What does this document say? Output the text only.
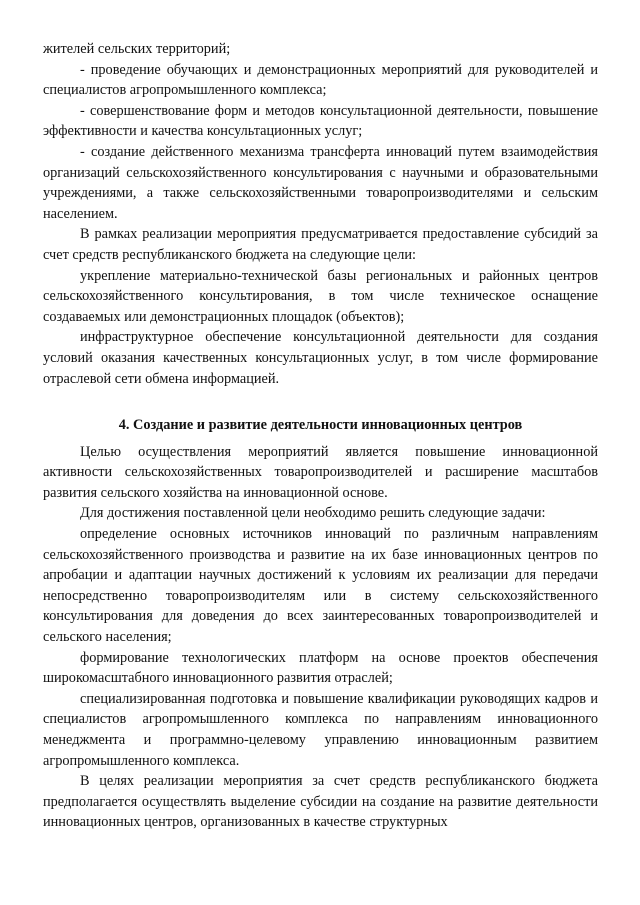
жителей сельских территорий;

- проведение обучающих и демонстрационных мероприятий для руководителей и специалистов агропромышленного комплекса;

- совершенствование форм и методов консультационной деятельности, повышение эффективности и качества консультационных услуг;

- создание действенного механизма трансферта инноваций путем взаимодействия организаций сельскохозяйственного консультирования с научными и образовательными учреждениями, а также сельскохозяйственными товаропроизводителями и сельским населением.

В рамках реализации мероприятия предусматривается предоставление субсидий за счет средств республиканского бюджета на следующие цели:

укрепление материально-технической базы региональных и районных центров сельскохозяйственного консультирования, в том числе техническое оснащение создаваемых или демонстрационных площадок (объектов);

инфраструктурное обеспечение консультационной деятельности для создания условий оказания качественных консультационных услуг, в том числе формирование отраслевой сети обмена информацией.

4. Создание и развитие деятельности инновационных центров

Целью осуществления мероприятий является повышение инновационной активности сельскохозяйственных товаропроизводителей и расширение масштабов развития сельского хозяйства на инновационной основе.

Для достижения поставленной цели необходимо решить следующие задачи:

определение основных источников инноваций по различным направлениям сельскохозяйственного производства и развитие на их базе инновационных центров по апробации и адаптации научных достижений к условиям их реализации для передачи непосредственно товаропроизводителям или в систему сельскохозяйственного консультирования для доведения до всех заинтересованных товаропроизводителей и сельского населения;

формирование технологических платформ на основе проектов обеспечения широкомасштабного инновационного развития отраслей;

специализированная подготовка и повышение квалификации руководящих кадров и специалистов агропромышленного комплекса по направлениям инновационного менеджмента и программно-целевому управлению инновационным развитием агропромышленного комплекса.

В целях реализации мероприятия за счет средств республиканского бюджета предполагается осуществлять выделение субсидии на создание на развитие деятельности инновационных центров, организованных в качестве структурных
